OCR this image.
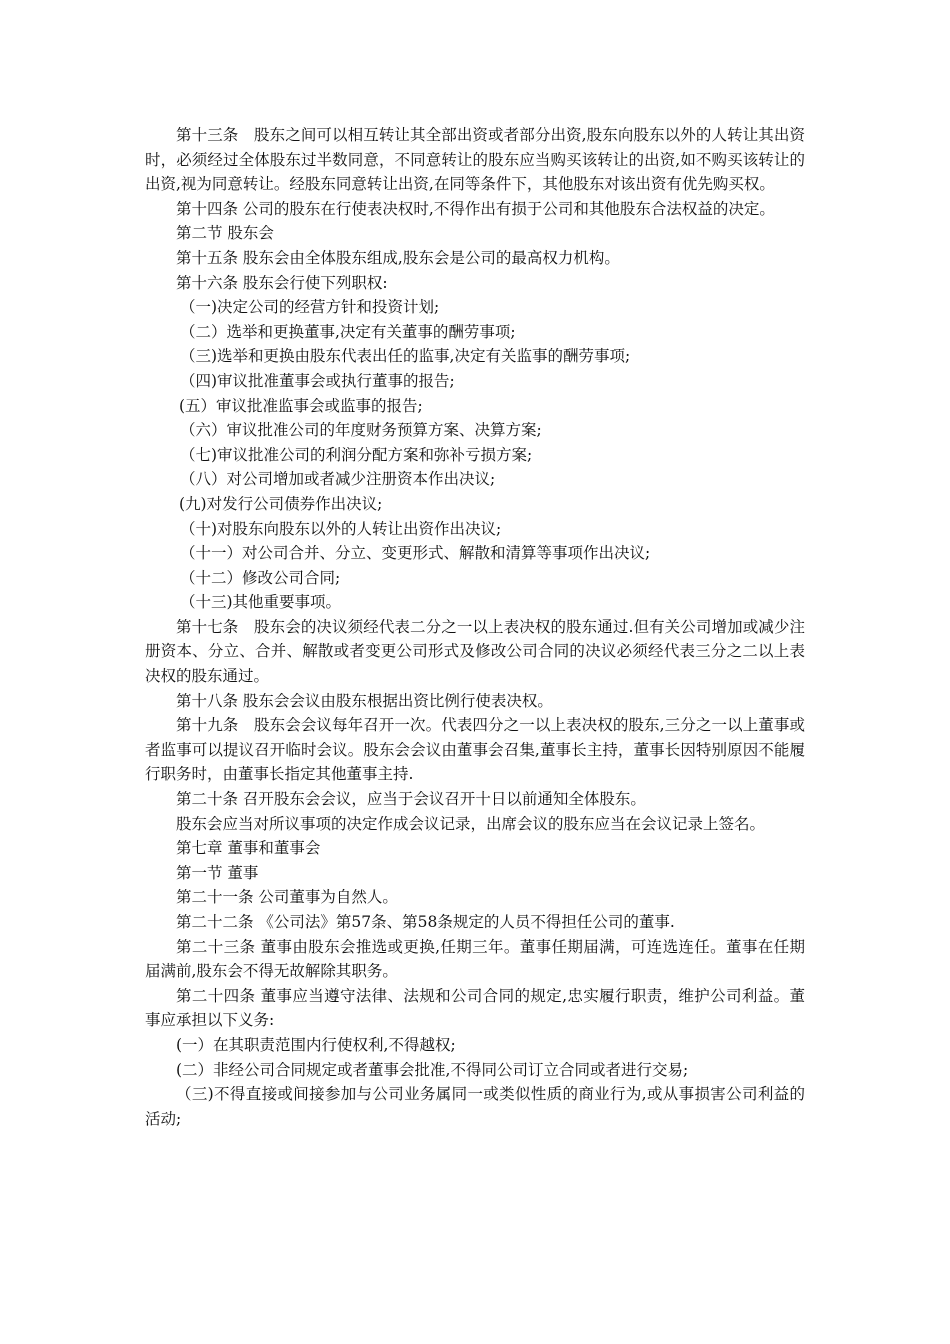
第十三条　股东之间可以相互转让其全部出资或者部分出资,股东向股东以外的人转让其出资时，必须经过全体股东过半数同意，不同意转让的股东应当购买该转让的出资,如不购买该转让的出资,视为同意转让。经股东同意转让出资,在同等条件下，其他股东对该出资有优先购买权。

第十四条 公司的股东在行使表决权时,不得作出有损于公司和其他股东合法权益的决定。

第二节 股东会

第十五条 股东会由全体股东组成,股东会是公司的最高权力机构。

第十六条 股东会行使下列职权:

（一)决定公司的经营方针和投资计划;

（二）选举和更换董事,决定有关董事的酬劳事项;

（三)选举和更换由股东代表出任的监事,决定有关监事的酬劳事项;

（四)审议批准董事会或执行董事的报告;

(五）审议批准监事会或监事的报告;

（六）审议批准公司的年度财务预算方案、决算方案;

（七)审议批准公司的利润分配方案和弥补亏损方案;

（八）对公司增加或者减少注册资本作出决议;

(九)对发行公司债券作出决议;

（十)对股东向股东以外的人转让出资作出决议;

（十一）对公司合并、分立、变更形式、解散和清算等事项作出决议;

（十二）修改公司合同;

（十三)其他重要事项。

第十七条　股东会的决议须经代表二分之一以上表决权的股东通过.但有关公司增加或减少注册资本、分立、合并、解散或者变更公司形式及修改公司合同的决议必须经代表三分之二以上表决权的股东通过。

第十八条 股东会会议由股东根据出资比例行使表决权。

第十九条　股东会会议每年召开一次。代表四分之一以上表决权的股东,三分之一以上董事或者监事可以提议召开临时会议。股东会会议由董事会召集,董事长主持，董事长因特别原因不能履行职务时，由董事长指定其他董事主持.

第二十条 召开股东会会议，应当于会议召开十日以前通知全体股东。

股东会应当对所议事项的决定作成会议记录，出席会议的股东应当在会议记录上签名。

第七章 董事和董事会

第一节 董事

第二十一条 公司董事为自然人。

第二十二条 《公司法》第57条、第58条规定的人员不得担任公司的董事.

第二十三条 董事由股东会推选或更换,任期三年。董事任期届满，可连选连任。董事在任期届满前,股东会不得无故解除其职务。

第二十四条 董事应当遵守法律、法规和公司合同的规定,忠实履行职责，维护公司利益。董事应承担以下义务:

(一）在其职责范围内行使权利,不得越权;

(二）非经公司合同规定或者董事会批准,不得同公司订立合同或者进行交易;

（三)不得直接或间接参加与公司业务属同一或类似性质的商业行为,或从事损害公司利益的活动;
